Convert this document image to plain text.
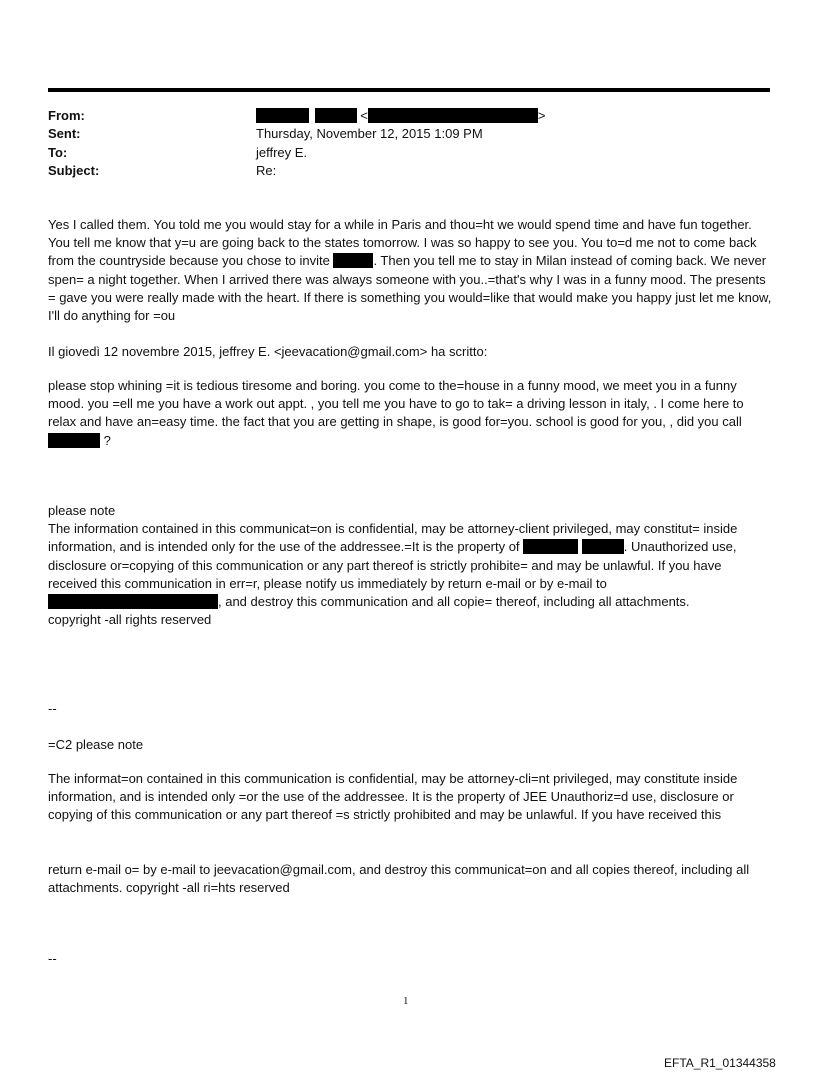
From:	<	>
Sent:	Thursday, November 12, 2015 1:09 PM
To:	jeffrey E.
Subject:	Re:

Yes I called them. You told me you would stay for a while in Paris and thou=ht we would spend time and have fun together. You tell me know that y=u are going back to the states tomorrow. I was so happy to see you. You to=d me not to come back from the countryside because you chose to invite	. Then you tell me to stay in Milan instead of coming back. We never spen= a night together. When I arrived there was always someone with you..=that's why I was in a funny mood. The presents = gave you were really made with the heart. If there is something you would=like that would make you happy just let me know, I'll do anything for =ou

Il giovedì 12 novembre 2015, jeffrey E. <jeevacation@gmail.com> ha scritto:

please stop whining =it is tedious tiresome and boring. you come to the=house in a funny mood, we meet you in a funny mood. you =ell me you have a work out appt. , you tell me you have to go to tak= a driving lesson in italy, . I come here to relax and have an=easy time. the fact that you are getting in shape, is good for=you. school is good for you, , did you call  ?

please note

The information contained in this communicat=on is confidential, may be attorney-client privileged, may constitut= inside information, and is intended only for the use of the addressee.=It is the property of	. Unauthorized use, disclosure or=copying of this communication or any part thereof is strictly prohibite= and may be unlawful. If you have received this communication in err=r, please notify us immediately by return e-mail or by e-mail to , and destroy this communication and all copie= thereof, including all attachments.

copyright -all rights reserved

--
=C2 please note
The informat=on contained in this communication is confidential, may be attorney-cli=nt privileged, may constitute inside information, and is intended only =or the use of the addressee. It is the property of JEE Unauthoriz=d use, disclosure or copying of this communication or any part thereof =s strictly prohibited and may be unlawful. If you have received this
return e-mail o= by e-mail to jeevacation@gmail.com, and destroy this communicat=on and all copies thereof, including all attachments. copyright -all ri=hts reserved
--
1
EFTA_R1_01344358
